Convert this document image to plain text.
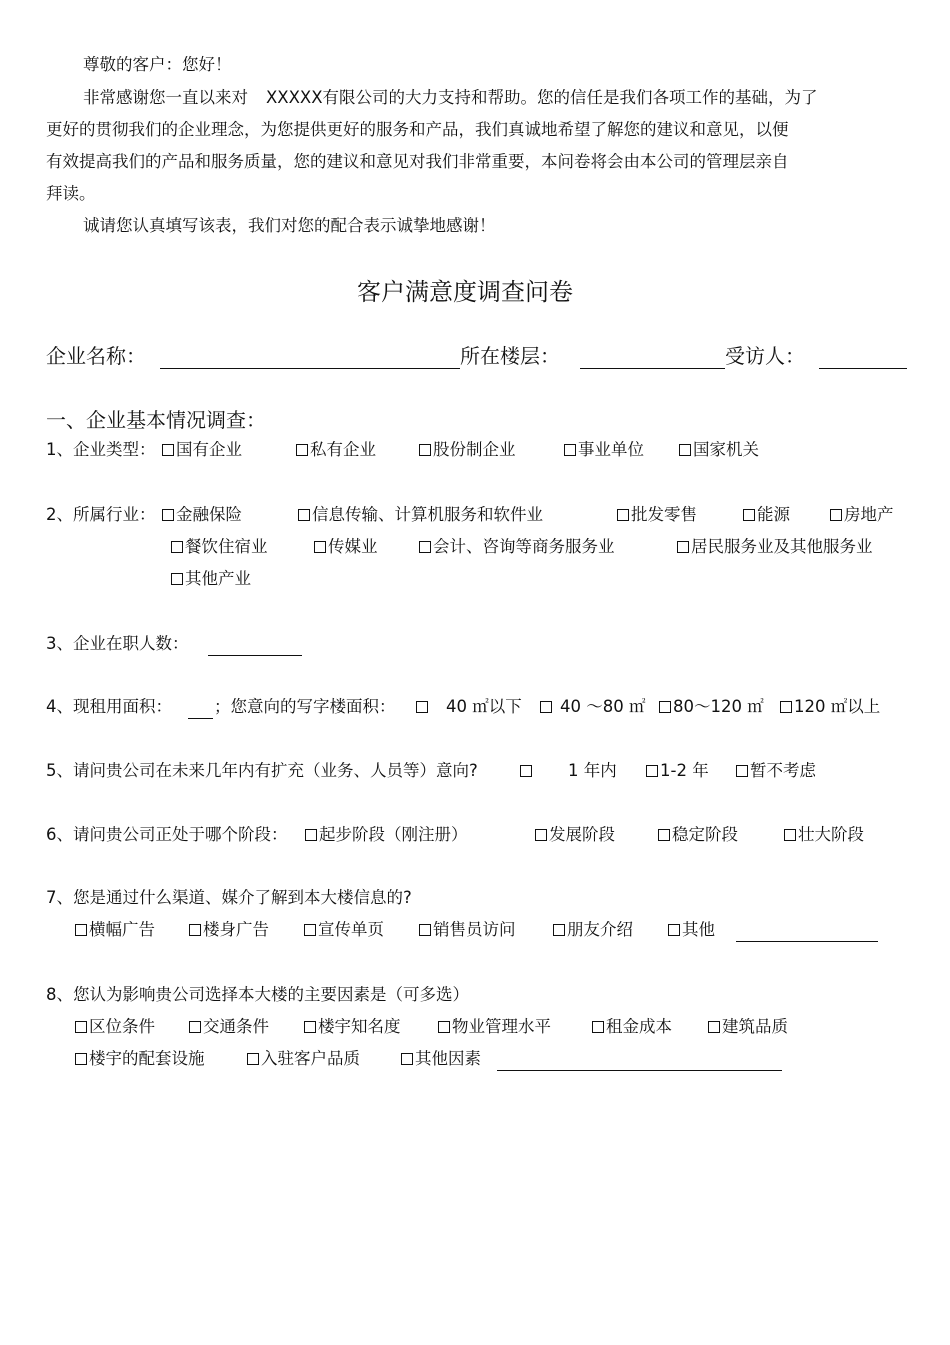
尊敬的客户：您好！
非常感谢您一直以来对 XXXXX有限公司的大力支持和帮助。您的信任是我们各项工作的基础，为了
更好的贯彻我们的企业理念，为您提供更好的服务和产品，我们真诚地希望了解您的建议和意见，以便
有效提高我们的产品和服务质量，您的建议和意见对我们非常重要，本问卷将会由本公司的管理层亲自
拜读。
诚请您认真填写该表，我们对您的配合表示诚挚地感谢！
客户满意度调查问卷
企业名称：	所在楼层：	受访人：
一、企业基本情况调查：
1、企业类型：	国有企业	私有企业	股份制企业	事业单位	国家机关
2、所属行业：	金融保险	信息传输、计算机服务和软件业	批发零售	能源	房地产
餐饮住宿业	传媒业	会计、咨询等商务服务业	居民服务业及其他服务业
其他产业
3、企业在职人数：
4、现租用面积：	；您意向的写字楼面积：	40 ㎡以下	40 ～80 ㎡	80～120 ㎡	120 ㎡以上
5、请问贵公司在未来几年内有扩充（业务、人员等）意向?	1 年内	1-2 年	暂不考虑
6、请问贵公司正处于哪个阶段：	起步阶段（刚注册）	发展阶段	稳定阶段	壮大阶段
7、您是通过什么渠道、媒介了解到本大楼信息的?
横幅广告	楼身广告	宣传单页	销售员访问	朋友介绍	其他
8、您认为影响贵公司选择本大楼的主要因素是（可多选）
区位条件	交通条件	楼宇知名度	物业管理水平	租金成本	建筑品质
楼宇的配套设施	入驻客户品质	其他因素
